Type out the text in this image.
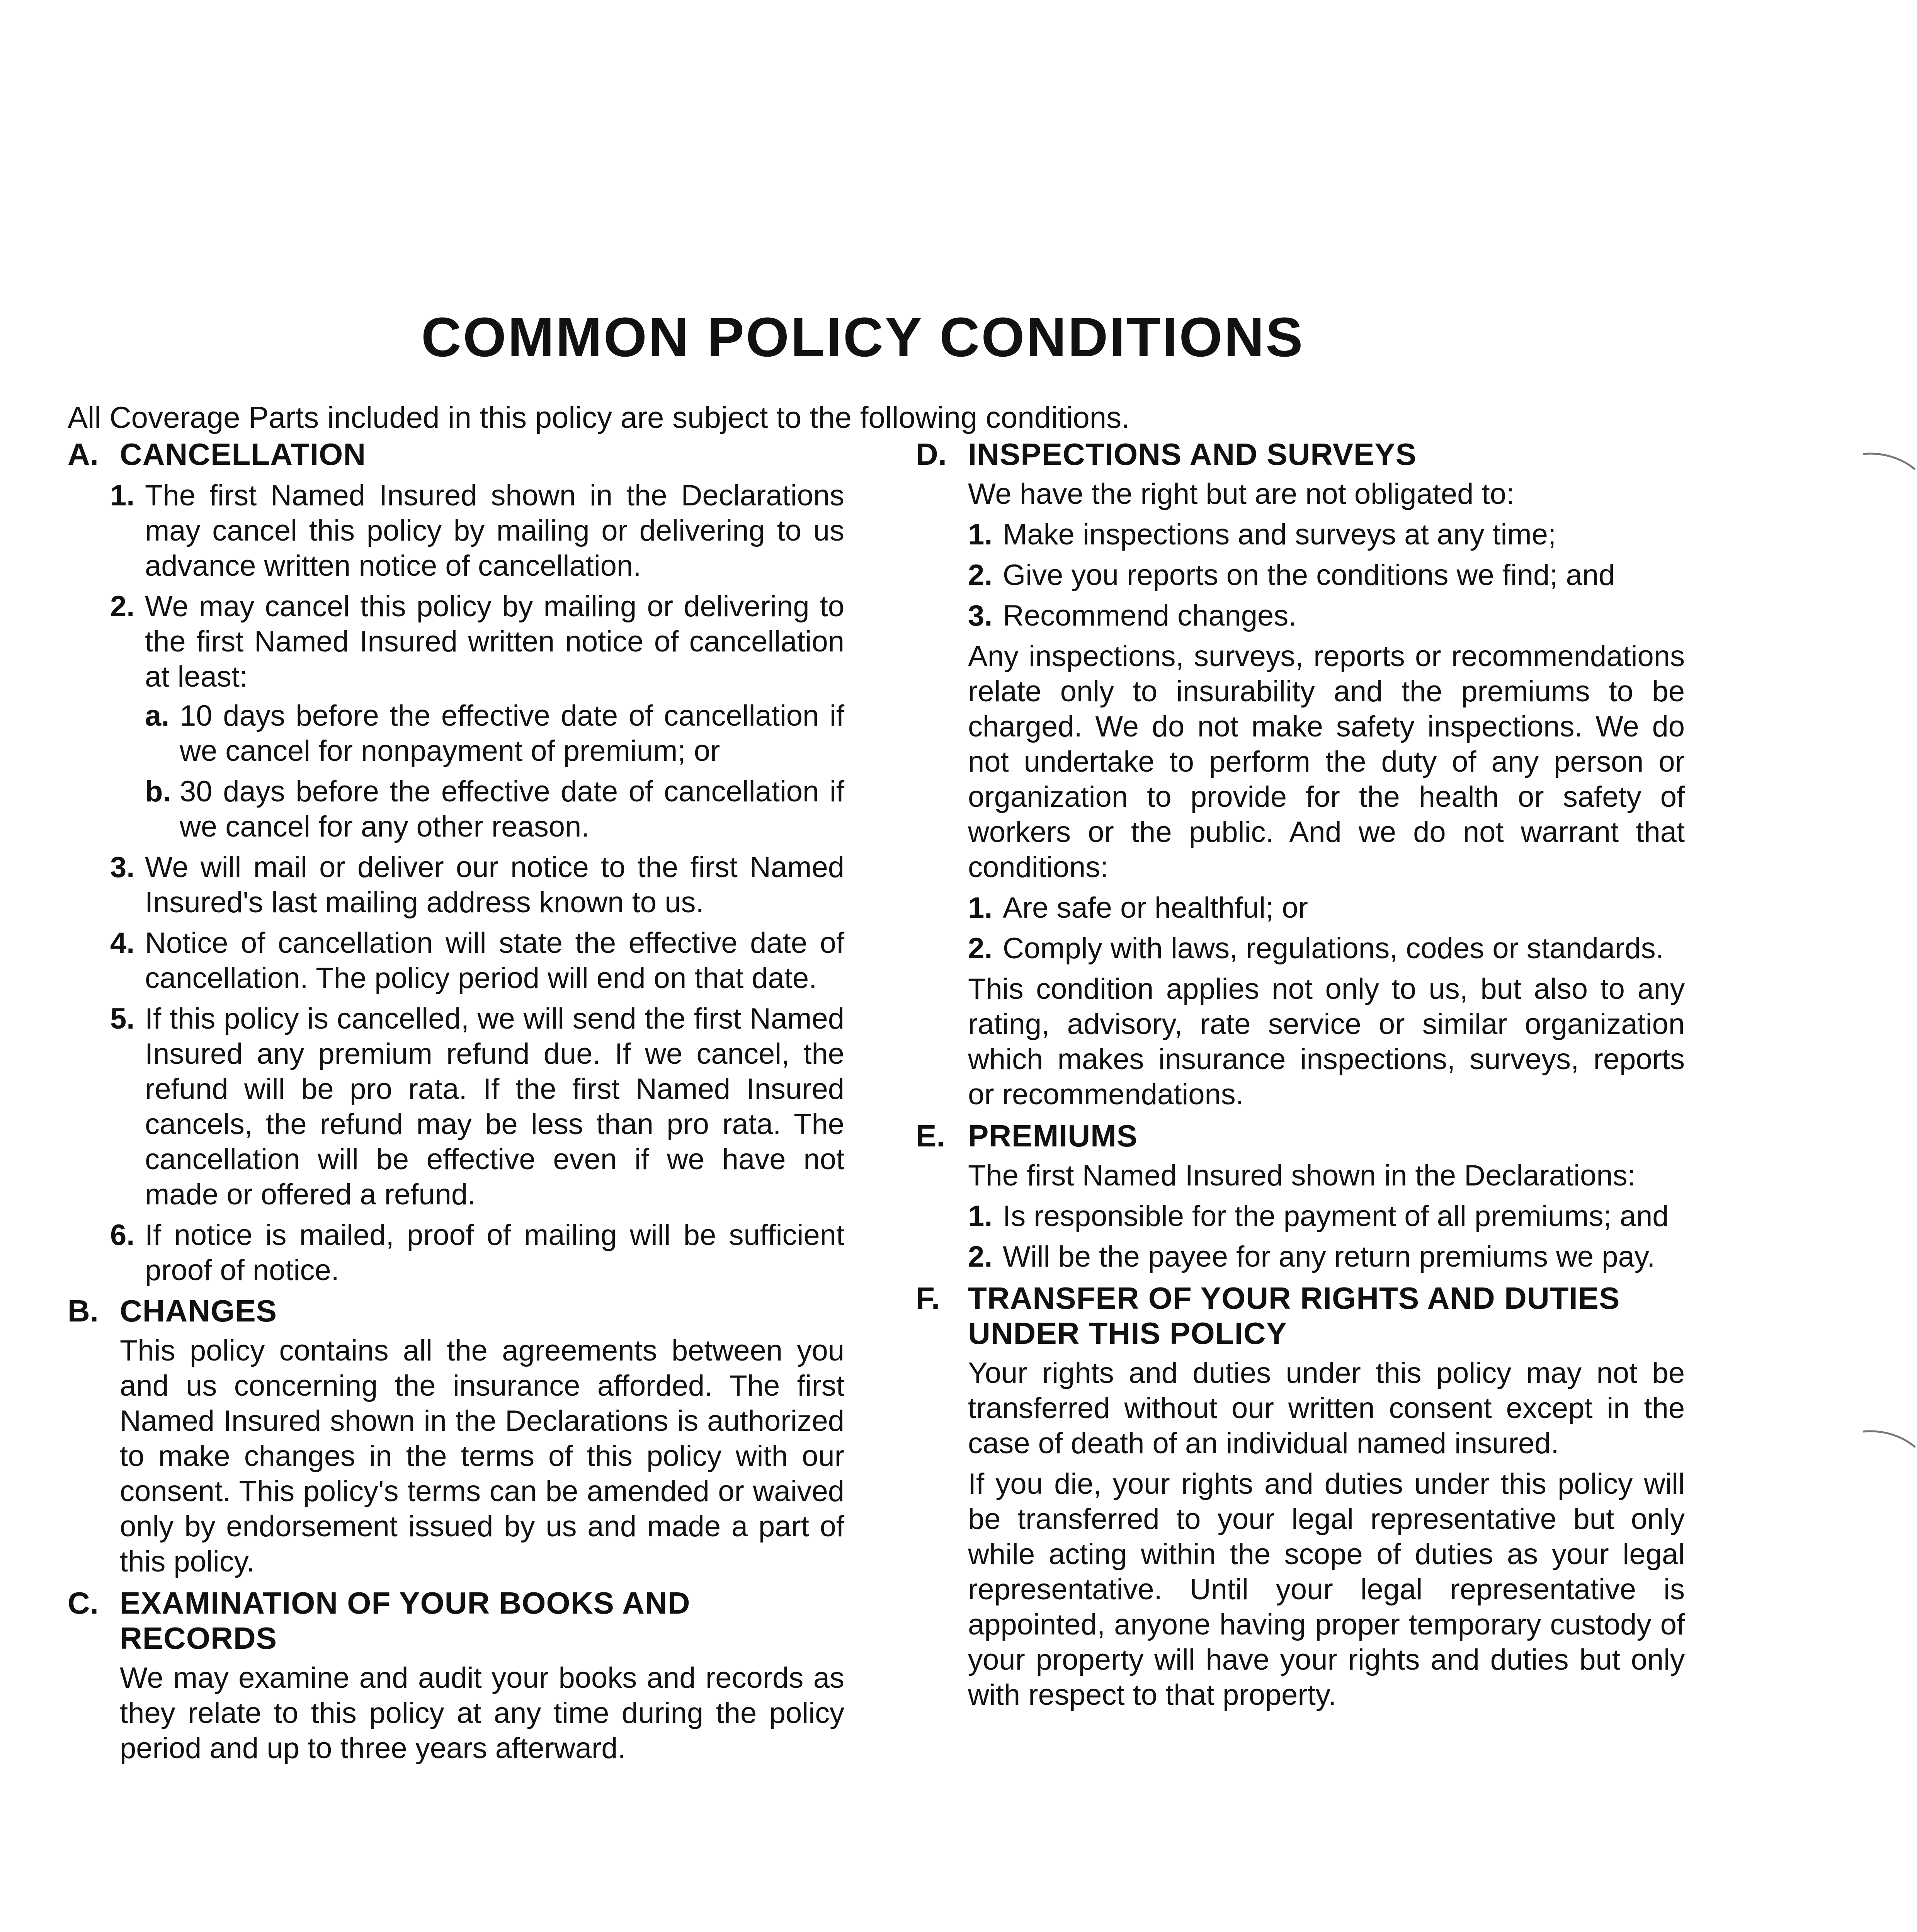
COMMON POLICY CONDITIONS

All Coverage Parts included in this policy are subject to the following conditions.

A. CANCELLATION
1. The first Named Insured shown in the Declarations may cancel this policy by mailing or delivering to us advance written notice of cancellation.
2. We may cancel this policy by mailing or delivering to the first Named Insured written notice of cancellation at least:
a. 10 days before the effective date of cancellation if we cancel for nonpayment of premium; or
b. 30 days before the effective date of cancellation if we cancel for any other reason.
3. We will mail or deliver our notice to the first Named Insured's last mailing address known to us.
4. Notice of cancellation will state the effective date of cancellation. The policy period will end on that date.
5. If this policy is cancelled, we will send the first Named Insured any premium refund due. If we cancel, the refund will be pro rata. If the first Named Insured cancels, the refund may be less than pro rata. The cancellation will be effective even if we have not made or offered a refund.
6. If notice is mailed, proof of mailing will be sufficient proof of notice.
B. CHANGES
This policy contains all the agreements between you and us concerning the insurance afforded. The first Named Insured shown in the Declarations is authorized to make changes in the terms of this policy with our consent. This policy's terms can be amended or waived only by endorsement issued by us and made a part of this policy.
C. EXAMINATION OF YOUR BOOKS AND RECORDS
We may examine and audit your books and records as they relate to this policy at any time during the policy period and up to three years afterward.
D. INSPECTIONS AND SURVEYS
We have the right but are not obligated to:
1. Make inspections and surveys at any time;
2. Give you reports on the conditions we find; and
3. Recommend changes.
Any inspections, surveys, reports or recommendations relate only to insurability and the premiums to be charged. We do not make safety inspections. We do not undertake to perform the duty of any person or organization to provide for the health or safety of workers or the public. And we do not warrant that conditions:
1. Are safe or healthful; or
2. Comply with laws, regulations, codes or standards.
This condition applies not only to us, but also to any rating, advisory, rate service or similar organization which makes insurance inspections, surveys, reports or recommendations.
E. PREMIUMS
The first Named Insured shown in the Declarations:
1. Is responsible for the payment of all premiums; and
2. Will be the payee for any return premiums we pay.
F. TRANSFER OF YOUR RIGHTS AND DUTIES UNDER THIS POLICY
Your rights and duties under this policy may not be transferred without our written consent except in the case of death of an individual named insured.
If you die, your rights and duties under this policy will be transferred to your legal representative but only while acting within the scope of duties as your legal representative. Until your legal representative is appointed, anyone having proper temporary custody of your property will have your rights and duties but only with respect to that property.
